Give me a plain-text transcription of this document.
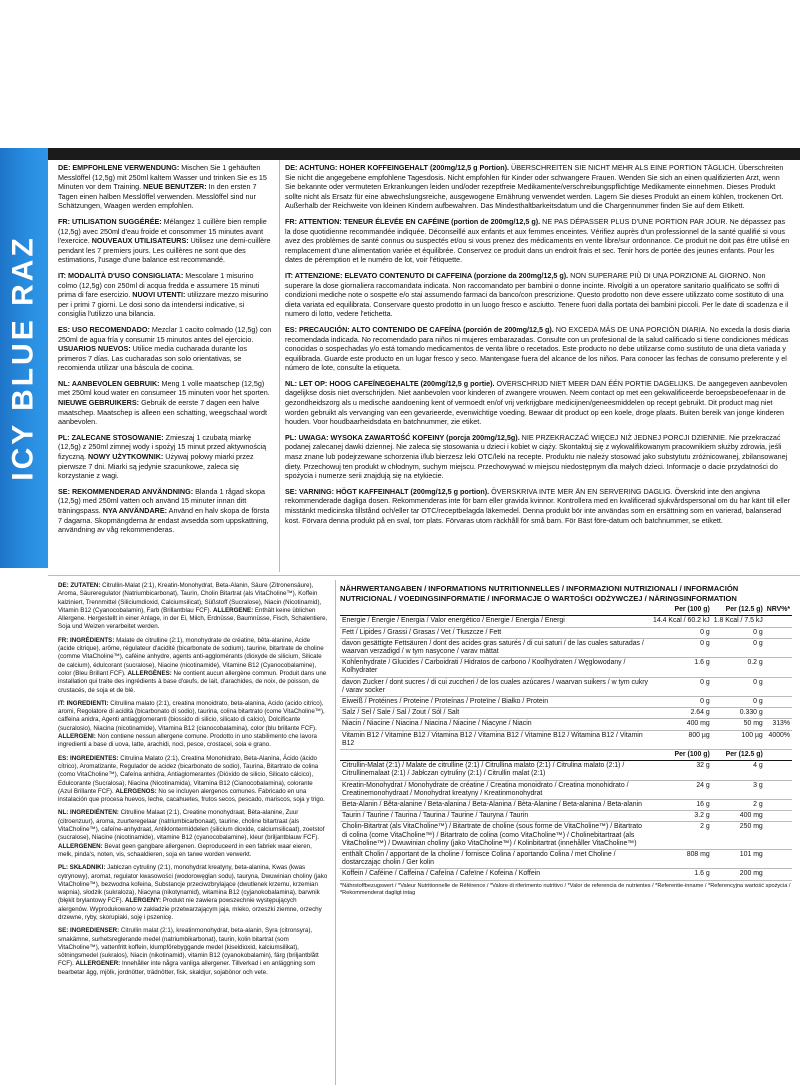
ICY BLUE RAZ

DE: EMPFOHLENE VERWENDUNG: Mischen Sie 1 gehäuften Messlöffel (12,5g) mit 250ml kaltem Wasser und trinken Sie es 15 Minuten vor dem Training. NEUE BENUTZER: In den ersten 7 Tagen einen halben Messlöffel verwenden. Messlöffel sind nur Schätzungen, Waagen werden empfohlen.

FR: UTILISATION SUGGÉRÉE: Mélangez 1 cuillère bien remplie (12,5g) avec 250ml d'eau froide et consommer 15 minutes avant l'exercice. NOUVEAUX UTILISATEURS: Utilisez une demi-cuillère pendant les 7 premiers jours. Les cuillères ne sont que des estimations, l'usage d'une balance est recommandé.

IT: MODALITÀ D'USO CONSIGLIATA: Mescolare 1 misurino colmo (12,5g) con 250ml di acqua fredda e assumere 15 minuti prima di fare esercizio. NUOVI UTENTI: utilizzare mezzo misurino per i primi 7 giorni. Le dosi sono da intendersi indicative, si consiglia l'utilizzo una bilancia.

ES: USO RECOMENDADO: Mezclar 1 cacito colmado (12,5g) con 250ml de agua fría y consumir 15 minutos antes del ejercicio. USUARIOS NUEVOS: Utilice media cucharada durante los primeros 7 días. Las cucharadas son solo orientativas, se recomienda utilizar una báscula de cocina.

NL: AANBEVOLEN GEBRUIK: Meng 1 volle maatschep (12,5g) met 250ml koud water en consumeer 15 minuten voor het sporten. NIEUWE GEBRUIKERS: Gebruik de eerste 7 dagen een halve maatschep. Maatschep is alleen een schatting, weegschaal wordt aanbevolen.

PL: ZALECANE STOSOWANIE: Zmieszaj 1 czubatą miarkę (12,5g) z 250ml zimnej wody i spożyj 15 minut przed aktywnością fizyczną. NOWY UŻYTKOWNIK: Używaj połowy miarki przez pierwsze 7 dni. Miarki są jedynie szacunkowe, zaleca się korzystanie z wagi.

SE: REKOMMENDERAD ANVÄNDNING: Blanda 1 rågad skopa (12,5g) med 250ml vatten och använd 15 minuter innan ditt träningspass. NYA ANVÄNDARE: Använd en halv skopa de första 7 dagarna. Skopmängderna är endast avsedda som uppskattning, användning av våg rekommenderas.

DE: ACHTUNG: HOHER KOFFEINGEHALT (200mg/12,5 g Portion). ÜBERSCHREITEN SIE NICHT MEHR ALS EINE PORTION TÄGLICH. Überschreiten Sie nicht die angegebene empfohlene Tagesdosis. Nicht empfohlen für Kinder oder schwangere Frauen. Wenden Sie sich an einen qualifizierten Arzt, wenn Sie bekannte oder vermuteten Erkrankungen leiden und/oder rezeptfreie Medikamente/verschreibungspflichtige Medikamente einnehmen. Dieses Produkt sollte nicht als Ersatz für eine abwechslungsreiche, ausgewogene Ernährung verwendet werden. Lagern Sie dieses Produkt an einem kühlen, trockenen Ort. Außerhalb der Reichweite von kleinen Kindern aufbewahren. Das Mindesthaltbarkeitsdatum und die Chargennummer finden Sie auf dem Etikett.

FR: ATTENTION: TENEUR ÉLEVÉE EN CAFÉINE (portion de 200mg/12,5 g). NE PAS DÉPASSER PLUS D'UNE PORTION PAR JOUR. Ne dépassez pas la dose quotidienne recommandée indiquée. Déconseillé aux enfants et aux femmes enceintes. Vérifiez auprès d'un professionnel de la santé qualifié si vous avez des problèmes de santé connus ou suspectés et/ou si vous prenez des médicaments en vente libre/sur ordonnance. Ce produit ne doit pas être utilisé en remplacement d'une alimentation variée et équilibrée. Conservez ce produit dans un endroit frais et sec. Tenir hors de portée des jeunes enfants. Pour les dates de péremption et le numéro de lot, voir l'étiquette.

IT: ATTENZIONE: ELEVATO CONTENUTO DI CAFFEINA (porzione da 200mg/12,5 g). NON SUPERARE PIÙ DI UNA PORZIONE AL GIORNO. Non superare la dose giornaliera raccomandata indicata. Non raccomandato per bambini o donne incinte. Rivolgiti a un operatore sanitario qualificato se soffri di condizioni mediche note o sospette e/o stai assumendo farmaci da banco/con prescrizione. Questo prodotto non deve essere utilizzato come sostituto di una dieta variata ed equilibrata. Conservare questo prodotto in un luogo fresco e asciutto. Tenere fuori dalla portata dei bambini piccoli. Per le date di scadenza e il numero di lotto, vedere l'etichetta.

ES: PRECAUCIÓN: ALTO CONTENIDO DE CAFEÍNA (porción de 200mg/12,5 g). NO EXCEDA MÁS DE UNA PORCIÓN DIARIA. No exceda la dosis diaria recomendada indicada. No recomendado para niños ni mujeres embarazadas. Consulte con un profesional de la salud calificado si tiene condiciones médicas conocidas o sospechadas y/o está tomando medicamentos de venta libre o recetados. Este producto no debe utilizarse como sustituto de una dieta variada y equilibrada. Guarde este producto en un lugar fresco y seco. Mantengase fuera del alcance de los niños. Para conocer las fechas de consumo preferente y el número de lote, consulte la etiqueta.

NL: LET OP: HOOG CAFEÏNEGEHALTE (200mg/12,5 g portie). OVERSCHRIJD NIET MEER DAN ÉÉN PORTIE DAGELIJKS. De aangegeven aanbevolen dagelijkse dosis niet overschrijden. Niet aanbevolen voor kinderen of zwangere vrouwen. Neem contact op met een gekwalificeerde beroepsbeoefenaar in de gezondheidszorg als u medische aandoening kent of vermoedt en/of vrij verkrijgbare medicijnen/geneesmiddelen op recept gebruikt. Dit product mag niet worden gebruikt als vervanging van een gevarieerde, evenwichtige voeding. Bewaar dit product op een koele, droge plaats. Buiten bereik van jonge kinderen houden. Voor houdbaarheidsdata en batchnummer, zie etiket.

PL: UWAGA: WYSOKA ZAWARTOŚĆ KOFEINY (porcja 200mg/12,5g). NIE PRZEKRACZAĆ WIĘCEJ NIŻ JEDNEJ PORCJI DZIENNIE. Nie przekraczać podanej zalecanej dawki dziennej. Nie zaleca się stosowania u dzieci i kobiet w ciąży. Skontaktuj się z wykwalifikowanym pracownikiem służby zdrowia, jeśli masz znane lub podejrzewane schorzenia i/lub bierzesz leki OTC/leki na recepte. Produktu nie należy stosować jako substytutu zróżnicowanej, zbilansowanej diety. Przechowuj ten produkt w chłodnym, suchym miejscu. Przechowywać w miejscu niedostępnym dla małych dzieci. Informacje o dacie przydatności do spożycia i numerze serii znajdują się na etykiecie.

SE: VARNING: HÖGT KAFFEINHALT (200mg/12,5 g portion). ÖVERSKRIVA INTE MER ÄN EN SERVERING DAGLIG. Överskrid inte den angivna rekommenderade dagliga dosen. Rekommenderas inte för barn eller gravida kvinnor. Kontrollera med en kvalificerad sjukvårdspersonal om du har känt till eller misstänkt medicinska tillstånd och/eller tar OTC/receptbelagda läkemedel. Denna produkt bör inte användas som en ersättning som en varierad, balanserad kost. Förvara denna produkt på en sval, torr plats. Förvaras utom räckhåll för små barn. För Bäst före-datum och batchnummer, se etikett.

DE: ZUTATEN: Citrullin-Malat (2:1), Kreatin-Monohydrat, Beta-Alanin, Säure (Zitronensäure), Aroma, Säureregulator (Natriumbicarbonat), Taurin, Cholin Bitartrat (als VitaCholine™), Koffein kalziniert, Trennmittel (Siliciumdioxid, Calciumsilicat), Süßstoff (Sucralose), Niacin (Nicotinamid), Vitamin B12 (Cyanocobalamin), Farb (Brillantblau FCF). ALLERGENE: Enthält keine üblichen Allergene. Hergestellt in einer Anlage, in der Ei, Milch, Erdnüsse, Baumnüsse, Fisch, Schalentiere, Soja und Weizen verarbeitet werden.

FR: INGRÉDIENTS: Malate de citrulline (2:1), monohydrate de créatine, bêta-alanine, Acide (acide citrique), arôme, régulateur d'acidité (bicarbonate de sodium), taurine, bitartrate de choline (comme VitaCholine™), caféine anhydre, agents anti-agglomérants (dioxyde de silicium, Silicate de calcium), édulcorant (sucralose), Niacine (nicotinamide), Vitamine B12 (Cyanocobalamine), color (Bleu Brillant FCF). ALLERGÈNES: Ne contient aucun allergène commun. Produit dans une installation qui traite des ingrédients à base d'œufs, de lait, d'arachides, de noix, de poisson, de crustacés, de soja et de blé.

IT: INGREDIENTI: Citrullina malato (2:1), creatina monoidrato, beta-alanina, Acido (acido citrico), aromi, Regolatore di acidità (bicarbonato di sodio), taurina, colina bitartrato (come VitaCholine™), caffeina anidra, Agenti antiagglomeranti (biossido di silicio, silicato di calcio), Dolcificante (sucralosio), Niacina (nicotinamide), Vitamina B12 (cianocobalamina), color (blu brillante FCF). ALLERGENI: Non contiene nessun allergene comune. Prodotto in uno stabilimento che lavora ingredienti a base di uova, latte, arachidi, noci, pesce, crostacei, soia e grano.

ES: INGREDIENTES: Citrulina Malato (2:1), Creatina Monohidrato, Beta-Alanina, Ácido (ácido cítrico), Aromatizante, Regulador de acidez (bicarbonato de sodio), Taurina, Bitartrato de colina (como VitaCholine™), Cafeína anhidra, Antiaglomerantes (Dióxido de silicio, Silicato cálcico), Edulcorante (Sucralosa), Niacina (Nicotinamida), Vitamina B12 (Cianocobalamina), colorante (Azul Brillante FCF). ALERGENOS: No se incluyen alergenos comunes. Fabricado en una instalación que procesa huevos, leche, cacahuetes, frutos secos, pescado, mariscos, soja y trigo.

NL: INGREDIËNTEN: Citrulline Malaat (2:1), Creatine monohydraat, Bèta-alanine, Zuur (citroenzuur), aroma, zuurteregelaar (natriumbicarbonaat), taurine, choline bitartraat (als VitaCholine™), cafeïne-anhydraat, Antiklontermiddelen (silicium dioxide, calciumsilicaat), zoetstof (sucralose), Niacine (nicotinamide), vitamine B12 (cyanocobalamine), kleur (briljantblauw FCF). ALLERGENEN: Bevat geen gangbare allergenen. Geproduceerd in een fabriek waar eieren, melk, pinda's, noten, vis, schaaldieren, soja en tarwe worden verwerkt.

PL: SKŁADNIKI: Jabłczan cytruliny (2:1), monohydrat kreatyny, beta-alanina, Kwas (kwas cytrynowy), aromat, regulator kwasowości (wodorowęglan sodu), tauryna, Dwuwinian choliny (jako VitaCholine™), bezwodna kofeina, Substancje przeciwzbrylające (dwutlenek krzemu, krzemian wapnia), słodzik (sukraloza), Niacyna (nikotynamid), witamina B12 (cyjanokobalamina), barwnik (błękit brylantowy FCF). ALERGENY: Produkt nie zawiera powszechnie występujących alergenów. Wyprodukowano w zakładzie przetwarzającym jaja, mleko, orzeszki ziemne, orzechy drzewne, ryby, skorupiaki, soję i pszenicę.

SE: INGREDIENSER: Citrullin malat (2:1), kreatinmonohydrat, beta-alanin, Syra (citronsyra), smakämne, surhetsreglerande medel (natriumbikarbonat), taurin, kolin bitartrat (som VitaCholine™), vattenfritt koffein, klumpförebyggande medel (kiseldioxid, kalciumsilikat), sötningsmedel (sukralos), Niacin (nikotinamid), vitamin B12 (cyanokobalamin), färg (briljantblått FCF). ALLERGENER: Innehåller inte några vanliga allergener. Tillverkad i en anläggning som bearbetar ägg, mjölk, jordnötter, trädnötter, fisk, skaldjur, sojabönor och vete.

NÄHRWERTANGABEN / INFORMATIONS NUTRITIONNELLES / INFORMAZIONI NUTRIZIONALI / INFORMACIÓN NUTRICIONAL / VOEDINGSINFORMATIE / INFORMACJE O WARTOŚCI ODŻYWCZEJ / NÄRINGSINFORMATION
	Per (100 g)	Per (12.5 g)	NRV%*
Energie / Énergie / Energia / Valor energético / Energie / Energia / Energi	14.4 Kcal / 60.2 kJ	1.8 Kcal / 7.5 kJ	
Fett / Lipides / Grassi / Grasas / Vet / Tłuszcze / Fett	0 g	0 g	
davon gesättigte Fettsäuren / dont des acides gras saturés / di cui saturi / de las cuales saturadas / waarvan verzadigd / w tym nasycone / varav mättat	0 g	0 g	
Kohlenhydrate / Glucides / Carboidrati / Hidratos de carbono / Koolhydraten / Węglowodany / Kolhydrater	1.6 g	0.2 g	
davon Zucker / dont sucres / di cui zuccheri / de los cuales azúcares / waarvan suikers / w tym cukry / varav socker	0 g	0 g	
Eiweiß / Protéines / Proteine / Proteínas / Proteïne / Białko / Protein	0 g	0 g	
Salz / Sel / Sale / Sal / Zout / Sól / Salt	2.64 g	0.330 g	
Niacin / Niacine / Niacina / Niacina / Niacine / Niacyne / Niacin	400 mg	50 mg	313%
Vitamin B12 / Vitamine B12 / Vitamina B12 / Vitamina B12 / Vitamine B12 / Witamina B12 / Vitamin B12	800 µg	100 µg	4000%
	Per (100 g)	Per (12.5 g)	
Citrullin-Malat (2:1) / Malate de citrulline (2:1) / Citrullina malato (2:1) / Citrulina malato (2:1) / Citrullinemalaat (2:1) / Jabłczan cytruliny (2:1) / Citrullin malat (2:1)	32 g	4 g	
Kreatin-Monohydrat / Monohydrate de créatine / Creatina monoidrato / Creatina monohidrato / Creatinemonohydraat / Monohydrat kreatyny / Kreatinmonohydrat	24 g	3 g	
Beta-Alanin / Bêta-alanine / Beta-alanina / Beta-Alanina / Bèta-Alanine / Beta-alanina / Beta-alanin	16 g	2 g	
Taurin / Taurine / Taurina / Taurina / Taurine / Tauryna / Taurin	3.2 g	400 mg	
Cholin-Bitartrat (als VitaCholine™) / Bitartrate de choline (sous forme de VitaCholine™) / Bitartrato di colina (come VitaCholine™) / Bitartrato de colina (como VitaCholine™) / Cholinebitartraat (als VitaCholine™) / Dwuwinian choliny (jako VitaCholine™) / Kolinbitartrat (innehåller VitaCholine™)	2 g	250 mg	
enthält Cholin / apportant de la choline / fornisce Colina / aportando Colina / met Choline / dostarczając cholin / Ger kolin	808 mg	101 mg	
Koffein / Caféine / Caffeina / Cafeína / Cafeïne / Kofeina / Koffein	1.6 g	200 mg	
*Nährstoffbezugswert / *Valeur Nutritionnelle de Référence / *Valore di riferimento nutritivo / *Valor de referencia de nutrientes / *Referentie-inname / *Referencyjna wartość spożycia / *Rekommenderat dagligt intag
